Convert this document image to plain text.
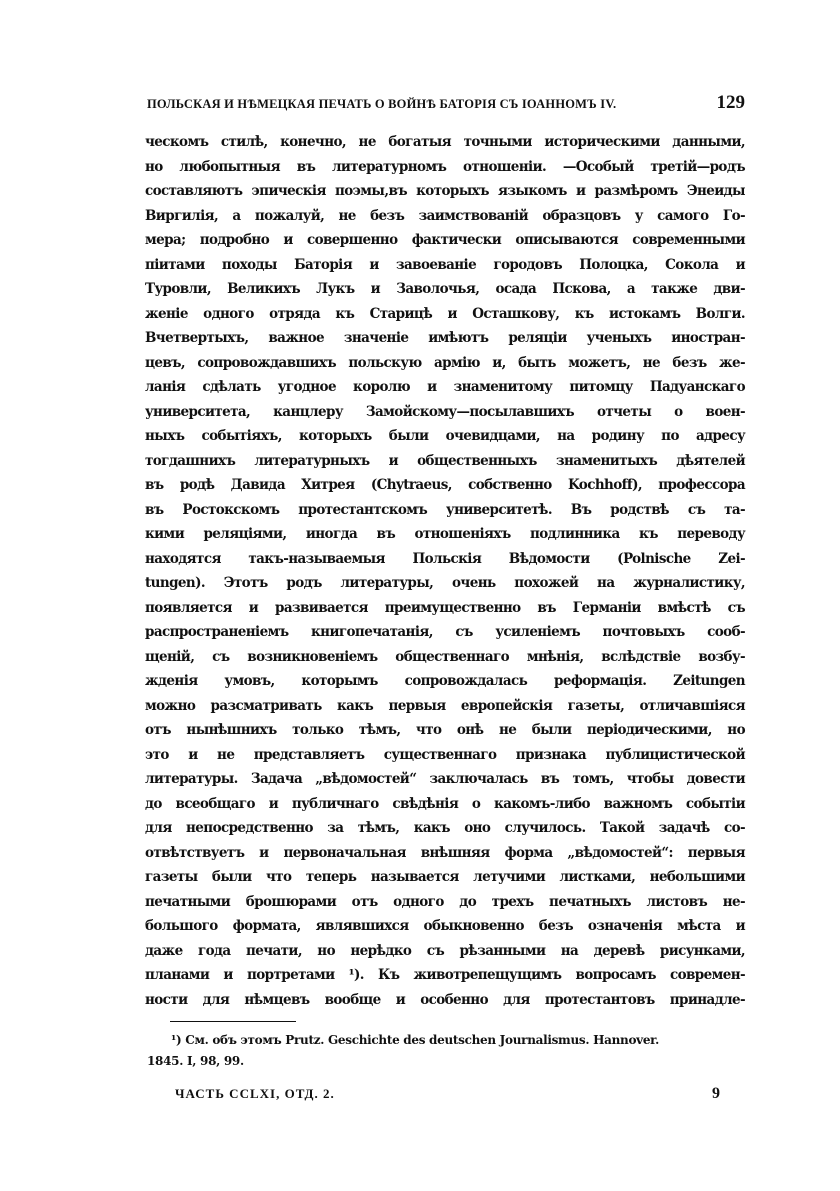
ПОЛЬСКАЯ И НѢМЕЦКАЯ ПЕЧАТЬ О ВОЙНѢ БАТОРІЯ СЪ ІОАННОМЪ IV.	129
ческомъ стилѣ, конечно, не богатыя точными историческими данными,
но любопытныя въ литературномъ отношеніи. —Особый третій—родъ
составляютъ эпическія поэмы,въ которыхъ языкомъ и размѣромъ Энеиды
Виргилія, а пожалуй, не безъ заимствованій образцовъ у самого Го-
мера; подробно и совершенно фактически описываются современными
піитами походы Баторія и завоеваніе городовъ Полоцка, Сокола и
Туровли, Великихъ Лукъ и Заволочья, осада Пскова, а также дви-
женіе одного отряда къ Старицѣ и Осташкову, къ истокамъ Волги.
Вчетвертыхъ, важное значеніе имѣютъ реляціи ученыхъ иностран-
цевъ, сопровождавшихъ польскую армію и, быть можетъ, не безъ же-
ланія сдѣлать угодное королю и знаменитому питомцу Падуанскаго
университета, канцлеру Замойскому—посылавшихъ отчеты о воен-
ныхъ событіяхъ, которыхъ были очевидцами, на родину по адресу
тогдашнихъ литературныхъ и общественныхъ знаменитыхъ дѣятелей
въ родѣ Давида Хитрея (Chytraeus, собственно Kochhoff), профессора
въ Ростокскомъ протестантскомъ университетѣ. Въ родствѣ съ та-
кими реляціями, иногда въ отношеніяхъ подлинника къ переводу
находятся такъ-называемыя Польскія Вѣдомости (Polnische Zei-
tungen). Этотъ родъ литературы, очень похожей на журналистику,
появляется и развивается преимущественно въ Германіи вмѣстѣ съ
распространеніемъ книгопечатанія, съ усиленіемъ почтовыхъ сооб-
щеній, съ возникновеніемъ общественнаго мнѣнія, вслѣдствіе возбу-
жденія умовъ, которымъ сопровождалась реформація. Zeitungen
можно разсматривать какъ первыя европейскія газеты, отличавшіяся
отъ нынѣшнихъ только тѣмъ, что онѣ не были періодическими, но
это и не представляетъ существеннаго признака публицистической
литературы. Задача „вѣдомостей“ заключалась въ томъ, чтобы довести
до всеобщаго и публичнаго свѣдѣнія о какомъ-либо важномъ событіи
для непосредственно за тѣмъ, какъ оно случилось. Такой задачѣ со-
отвѣтствуетъ и первоначальная внѣшняя форма „вѣдомостей“: первыя
газеты были что теперь называется летучими листками, небольшими
печатными брошюрами отъ одного до трехъ печатныхъ листовъ не-
большого формата, являвшихся обыкновенно безъ означенія мѣста и
даже года печати, но нерѣдко съ рѣзанными на деревѣ рисунками,
планами и портретами ¹). Къ животрепещущимъ вопросамъ современ-
ности для нѣмцевъ вообще и особенно для протестантовъ принадле-
¹) См. объ этомъ Prutz. Geschichte des deutschen Journalismus. Hannover.
1845. I, 98, 99.
ЧАСТЬ CCLXI, ОТД. 2.	9
